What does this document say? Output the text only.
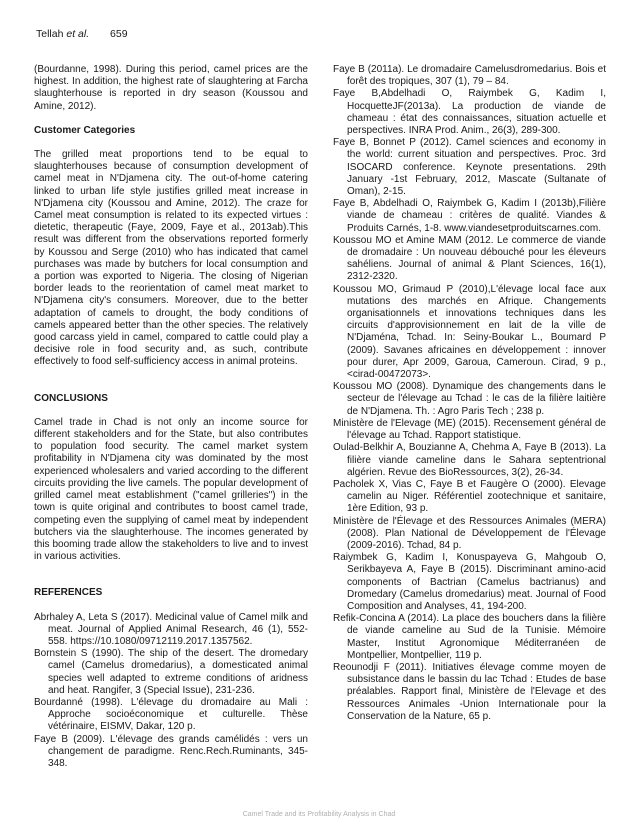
Tellah et al. 659

(Bourdanne, 1998). During this period, camel prices are the highest. In addition, the highest rate of slaughtering at Farcha slaughterhouse is reported in dry season (Koussou and Amine, 2012).

Customer Categories

The grilled meat proportions tend to be equal to slaughterhouses because of consumption development of camel meat in N'Djamena city. The out-of-home catering linked to urban life style justifies grilled meat increase in N'Djamena city (Koussou and Amine, 2012). The craze for Camel meat consumption is related to its expected virtues : dietetic, therapeutic (Faye, 2009, Faye et al., 2013ab).This result was different from the observations reported formerly by Koussou and Serge (2010) who has indicated that camel purchases was made by butchers for local consumption and a portion was exported to Nigeria. The closing of Nigerian border leads to the reorientation of camel meat market to N'Djamena city's consumers. Moreover, due to the better adaptation of camels to drought, the body conditions of camels appeared better than the other species. The relatively good carcass yield in camel, compared to cattle could play a decisive role in food security and, as such, contribute effectively to food self-sufficiency access in animal proteins.

CONCLUSIONS

Camel trade in Chad is not only an income source for different stakeholders and for the State, but also contributes to population food security. The camel market system profitability in N'Djamena city was dominated by the most experienced wholesalers and varied according to the different circuits providing the live camels. The popular development of grilled camel meat establishment ("camel grilleries") in the town is quite original and contributes to boost camel trade, competing even the supplying of camel meat by independent butchers via the slaughterhouse. The incomes generated by this booming trade allow the stakeholders to live and to invest in various activities.

REFERENCES

Abrhaley A, Leta S (2017). Medicinal value of Camel milk and meat. Journal of Applied Animal Research, 46 (1), 552-558. https://10.1080/09712119.2017.1357562.

Bornstein S (1990). The ship of the desert. The dromedary camel (Camelus dromedarius), a domesticated animal species well adapted to extreme conditions of aridness and heat. Rangifer, 3 (Special Issue), 231-236.

Bourdanné (1998). L'élevage du dromadaire au Mali : Approche socioéconomique et culturelle. Thèse vétérinaire, EISMV, Dakar, 120 p.

Faye B (2009). L'élevage des grands camélidés : vers un changement de paradigme. Renc.Rech.Ruminants, 345-348.

Faye B (2011a). Le dromadaire Camelusdromedarius. Bois et forêt des tropiques, 307 (1), 79 – 84.

Faye B,Abdelhadi O, Raiymbek G, Kadim I, HocquetteJF(2013a). La production de viande de chameau : état des connaissances, situation actuelle et perspectives. INRA Prod. Anim., 26(3), 289-300.

Faye B, Bonnet P (2012). Camel sciences and economy in the world: current situation and perspectives. Proc. 3rd ISOCARD conference. Keynote presentations. 29th January -1st February, 2012, Mascate (Sultanate of Oman), 2-15.

Faye B, Abdelhadi O, Raiymbek G, Kadim I (2013b),Filière viande de chameau : critères de qualité. Viandes & Produits Carnés, 1-8. www.viandesetproduitscarnes.com.

Koussou MO et Amine MAM (2012. Le commerce de viande de dromadaire : Un nouveau débouché pour les éleveurs sahéliens. Journal of animal & Plant Sciences, 16(1), 2312-2320.

Koussou MO, Grimaud P (2010),L'élevage local face aux mutations des marchés en Afrique. Changements organisationnels et innovations techniques dans les circuits d'approvisionnement en lait de la ville de N'Djaména, Tchad. In: Seiny-Boukar L., Boumard P (2009). Savanes africaines en développement : innover pour durer, Apr 2009, Garoua, Cameroun. Cirad, 9 p., <cirad-00472073>.

Koussou MO (2008). Dynamique des changements dans le secteur de l'élevage au Tchad : le cas de la filière laitière de N'Djamena. Th. : Agro Paris Tech ; 238 p.

Ministère de l'Elevage (ME) (2015). Recensement général de l'élevage au Tchad. Rapport statistique.

Oulad-Belkhir A, Bouzianne A, Chehma A, Faye B (2013). La filière viande cameline dans le Sahara septentrional algérien. Revue des BioRessources, 3(2), 26-34.

Pacholek X, Vias C, Faye B et Faugère O (2000). Elevage camelin au Niger. Référentiel zootechnique et sanitaire, 1ère Edition, 93 p.

Ministère de l'Élevage et des Ressources Animales (MERA) (2008). Plan National de Développement de l'Élevage (2009-2016). Tchad, 84 p.

Raiymbek G, Kadim I, Konuspayeva G, Mahgoub O, Serikbayeva A, Faye B (2015). Discriminant amino-acid components of Bactrian (Camelus bactrianus) and Dromedary (Camelus dromedarius) meat. Journal of Food Composition and Analyses, 41, 194-200.

Refik-Concina A (2014). La place des bouchers dans la filière de viande cameline au Sud de la Tunisie. Mémoire Master, Institut Agronomique Méditerranéen de Montpellier, Montpellier, 119 p.

Reounodji F (2011). Initiatives élevage comme moyen de subsistance dans le bassin du lac Tchad : Etudes de base préalables. Rapport final, Ministère de l'Elevage et des Ressources Animales -Union Internationale pour la Conservation de la Nature, 65 p.

Camel Trade and its Profitability Analysis in Chad
